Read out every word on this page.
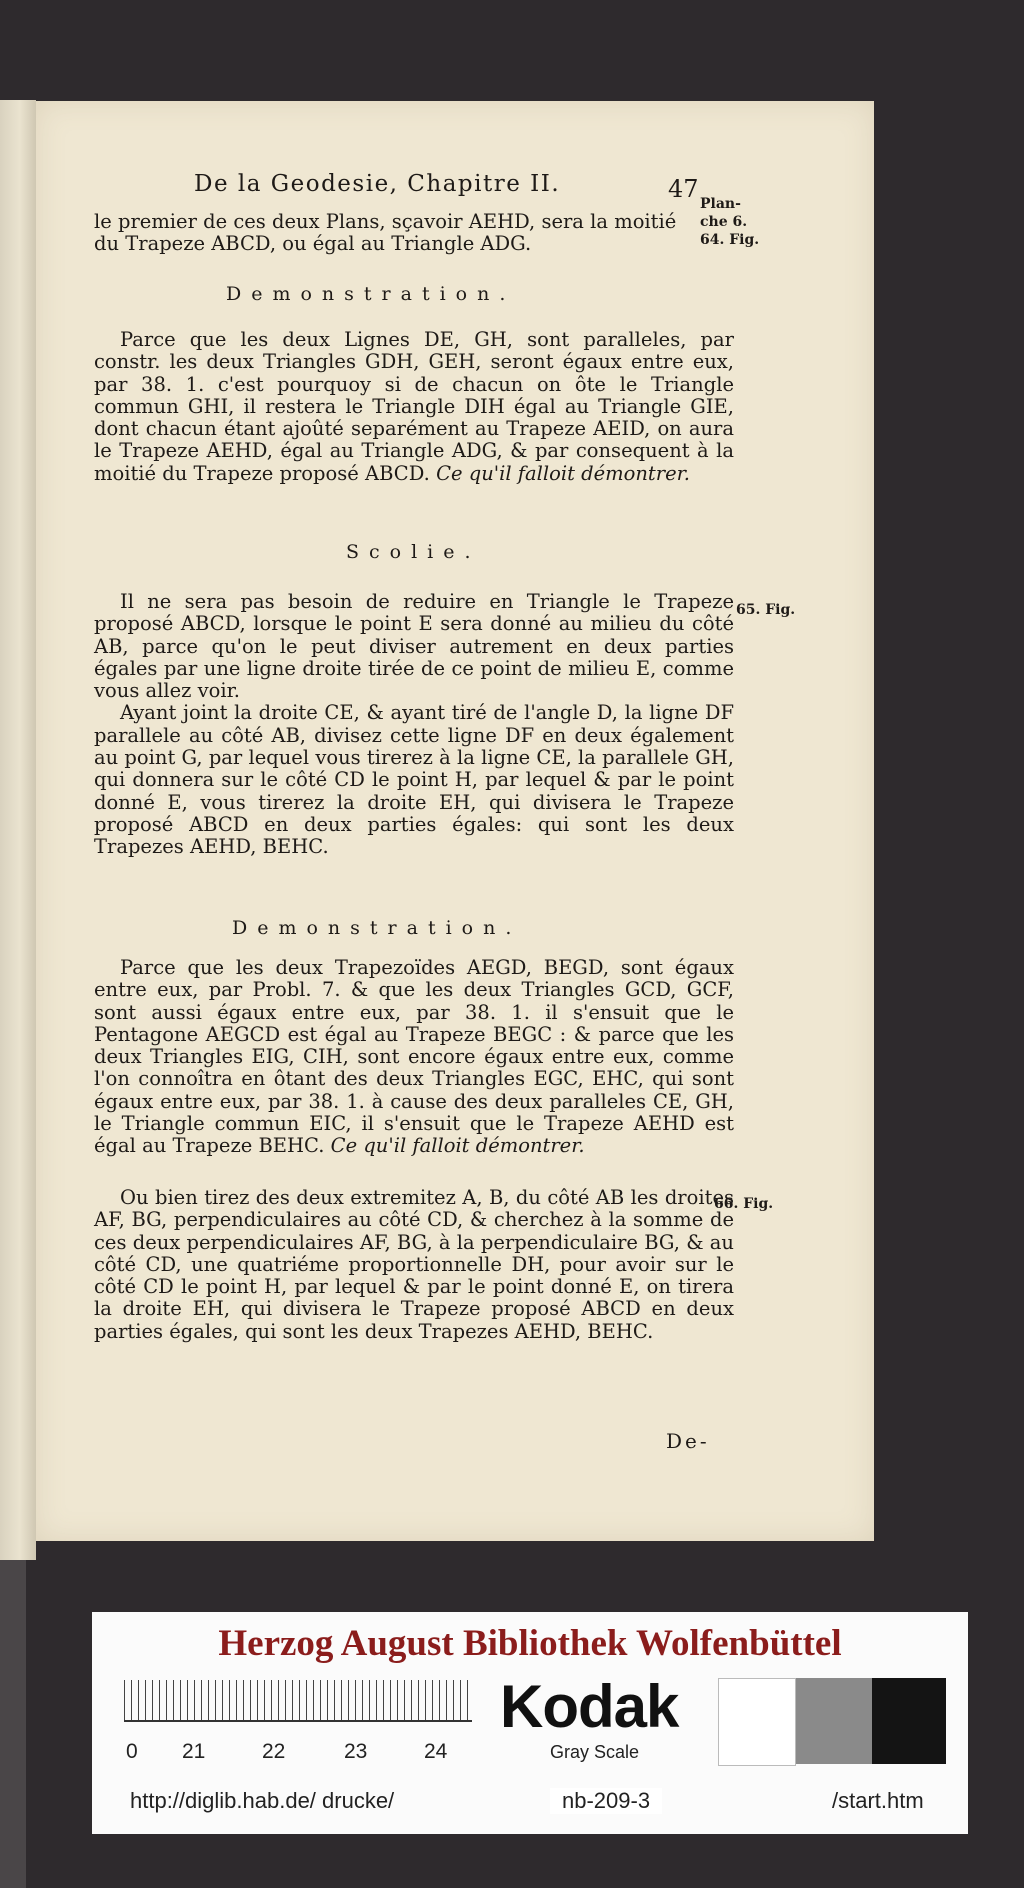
De la Geodesie, Chapitre II.	47
Plan-
che 6.
64. Fig.
le premier de ces deux Plans, sçavoir AEHD, sera la moitié
du Trapeze ABCD, ou égal au Triangle ADG.
Demonstration.

Parce que les deux Lignes DE, GH, sont paralleles, par constr. les deux Triangles GDH, GEH, seront égaux entre eux, par 38. 1. c'est pourquoy si de chacun on ôte le Triangle commun GHI, il restera le Triangle DIH égal au Triangle GIE, dont chacun étant ajoûté separément au Trapeze AEID, on aura le Trapeze AEHD, égal au Triangle ADG, & par consequent à la moitié du Trapeze proposé ABCD. Ce qu'il falloit démontrer.

Scolie.
65. Fig.

Il ne sera pas besoin de reduire en Triangle le Trapeze proposé ABCD, lorsque le point E sera donné au milieu du côté AB, parce qu'on le peut diviser autrement en deux parties égales par une ligne droite tirée de ce point de milieu E, comme vous allez voir.

Ayant joint la droite CE, & ayant tiré de l'angle D, la ligne DF parallele au côté AB, divisez cette ligne DF en deux également au point G, par lequel vous tirerez à la ligne CE, la parallele GH, qui donnera sur le côté CD le point H, par lequel & par le point donné E, vous tirerez la droite EH, qui divisera le Trapeze proposé ABCD en deux parties égales: qui sont les deux Trapezes AEHD, BEHC.

Demonstration.

Parce que les deux Trapezoïdes AEGD, BEGD, sont égaux entre eux, par Probl. 7. & que les deux Triangles GCD, GCF, sont aussi égaux entre eux, par 38. 1. il s'ensuit que le Pentagone AEGCD est égal au Trapeze BEGC : & parce que les deux Triangles EIG, CIH, sont encore égaux entre eux, comme l'on connoîtra en ôtant des deux Triangles EGC, EHC, qui sont égaux entre eux, par 38. 1. à cause des deux paralleles CE, GH, le Triangle commun EIC, il s'ensuit que le Trapeze AEHD est égal au Trapeze BEHC. Ce qu'il falloit démontrer.

66. Fig.

Ou bien tirez des deux extremitez A, B, du côté AB les droites AF, BG, perpendiculaires au côté CD, & cherchez à la somme de ces deux perpendiculaires AF, BG, à la perpendiculaire BG, & au côté CD, une quatriéme proportionnelle DH, pour avoir sur le côté CD le point H, par lequel & par le point donné E, on tirera la droite EH, qui divisera le Trapeze proposé ABCD en deux parties égales, qui sont les deux Trapezes AEHD, BEHC.

De-
Herzog August Bibliothek Wolfenbüttel
0 21	22	23	24
Kodak
Gray Scale
http://diglib.hab.de/ drucke/	nb-209-3	/start.htm
